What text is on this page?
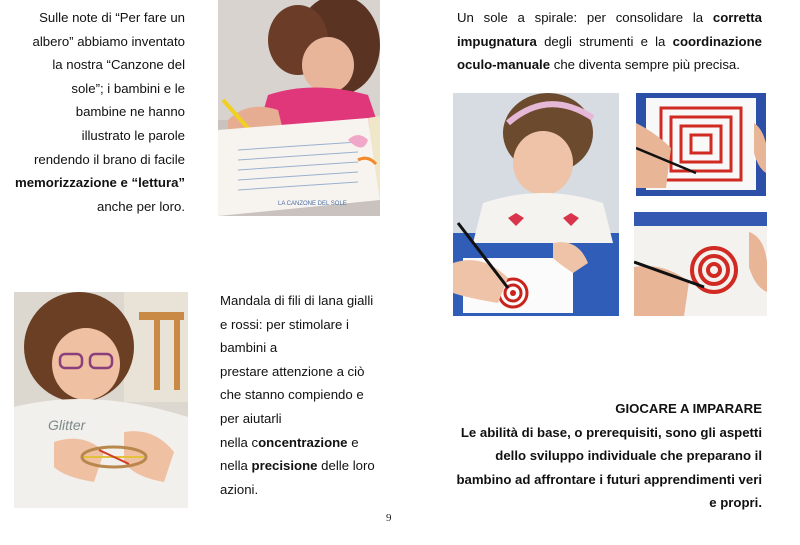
Sulle note di “Per fare un
albero” abbiamo inventato
la nostra “Canzone del
sole”; i bambini e le
bambine ne hanno
illustrato le parole
rendendo il brano di facile
memorizzazione e “lettura”
anche per loro.	LA CANZONE DEL SOLE
Un sole a spirale: per consolidare la corretta
impugnatura degli strumenti e la coordinazione
oculo-manuale che diventa sempre più precisa.
Glitter
Mandala di fili di lana gialli
e rossi: per stimolare i
bambini a
prestare attenzione a ciò
che stanno compiendo e
per aiutarli
nella concentrazione e
nella precisione delle loro
azioni.
GIOCARE A IMPARARE
Le abilità di base, o prerequisiti, sono gli aspetti
dello sviluppo individuale che preparano il
bambino ad affrontare i futuri apprendimenti veri
e propri.
9
